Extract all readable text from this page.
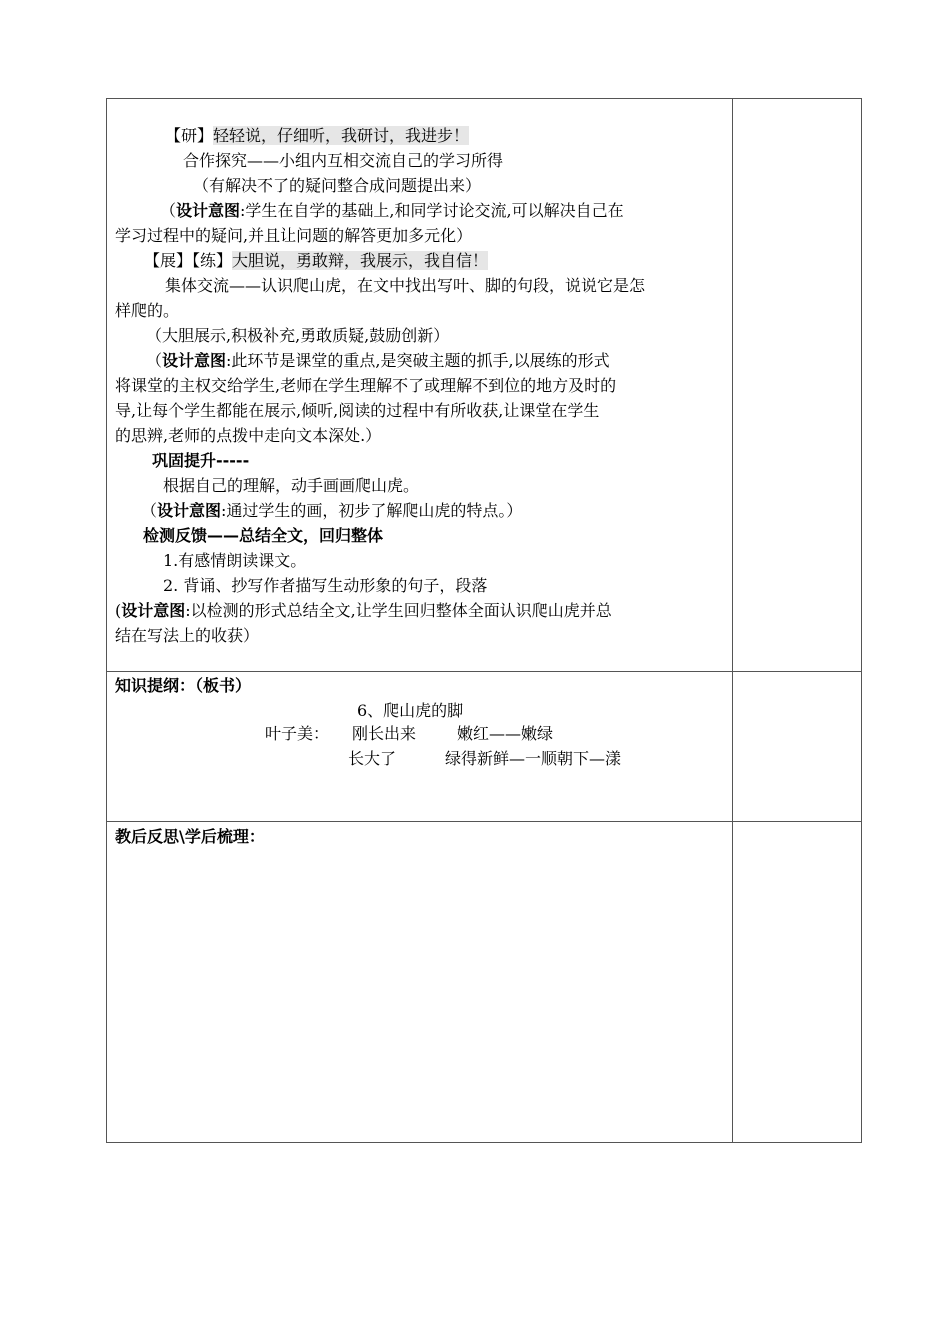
【研】轻轻说，仔细听，我研讨，我进步！
合作探究——小组内互相交流自己的学习所得
（有解决不了的疑问整合成问题提出来）
（设计意图:学生在自学的基础上,和同学讨论交流,可以解决自己在
学习过程中的疑问,并且让问题的解答更加多元化）
【展】【练】大胆说，勇敢辩，我展示，我自信！
集体交流——认识爬山虎，在文中找出写叶、脚的句段，说说它是怎
样爬的。
（大胆展示,积极补充,勇敢质疑,鼓励创新）
（设计意图:此环节是课堂的重点,是突破主题的抓手,以展练的形式
将课堂的主权交给学生,老师在学生理解不了或理解不到位的地方及时的
导,让每个学生都能在展示,倾听,阅读的过程中有所收获,让课堂在学生
的思辨,老师的点拨中走向文本深处.）
巩固提升-----
根据自己的理解，动手画画爬山虎。
（设计意图:通过学生的画，初步了解爬山虎的特点。）
检测反馈——总结全文，回归整体
1.有感情朗读课文。
2. 背诵、抄写作者描写生动形象的句子，段落
(设计意图:以检测的形式总结全文,让学生回归整体全面认识爬山虎并总
结在写法上的收获）
知识提纲：（板书）
6、爬山虎的脚
叶子美： 刚长出来	嫩红——嫩绿
长大了	绿得新鲜—一顺朝下—漾
教后反思\学后梳理：
